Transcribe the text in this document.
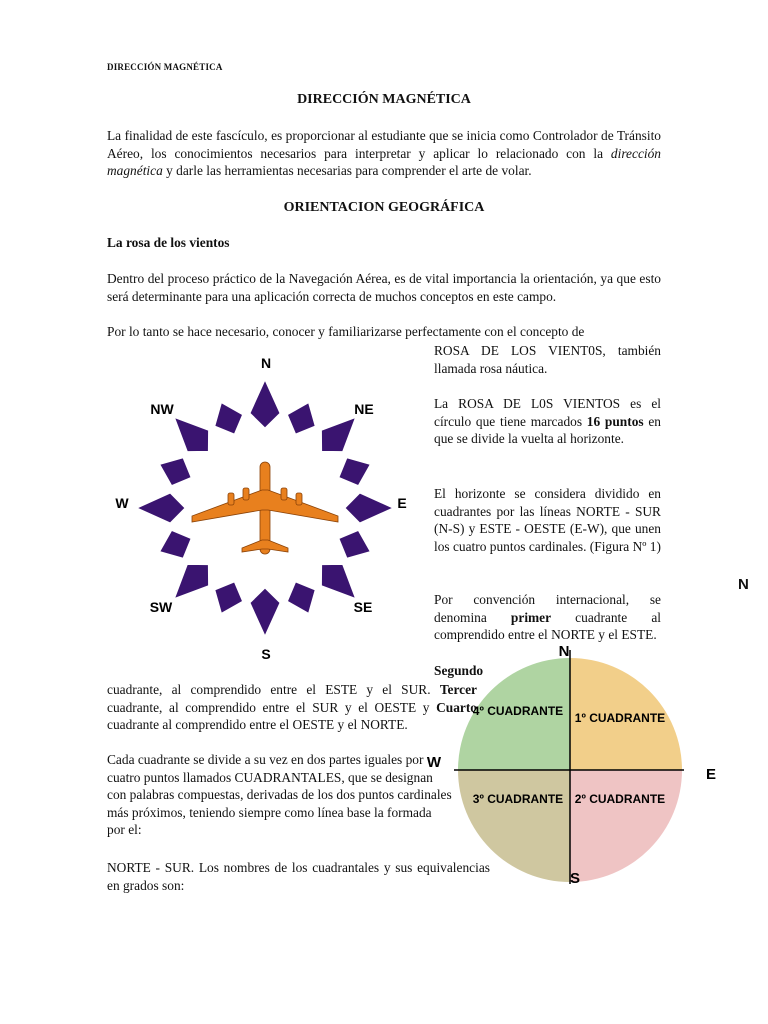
DIRECCIÓN MAGNÉTICA
DIRECCIÓN MAGNÉTICA
La finalidad de este fascículo, es proporcionar al estudiante que se inicia como Controlador de Tránsito Aéreo, los conocimientos necesarios para interpretar y aplicar lo relacionado con la dirección magnética y darle las herramientas necesarias para comprender el arte de volar.
ORIENTACION GEOGRÁFICA
La rosa de los vientos
Dentro del proceso práctico de la Navegación Aérea, es de vital importancia la orientación, ya que esto será determinante para una aplicación correcta de muchos conceptos en este campo.
Por lo tanto se hace necesario, conocer y familiarizarse perfectamente con el concepto de
ROSA DE LOS VIENT0S, también llamada rosa náutica.
La ROSA DE L0S VIENTOS es el círculo que tiene marcados 16 puntos en que se divide la vuelta al horizonte.
El horizonte se considera dividido en cuadrantes por las líneas NORTE - SUR (N-S) y ESTE - OESTE (E-W), que unen los cuatro puntos cardinales. (Figura Nº 1)
Por convención internacional, se denomina primer cuadrante al comprendido entre el NORTE y el ESTE.
Segundo
cuadrante, al comprendido entre el ESTE y el SUR. Tercer cuadrante, al comprendido entre el SUR y el OESTE y Cuarto cuadrante al comprendido entre el OESTE y el NORTE.
Cada cuadrante se divide a su vez en dos partes iguales por cuatro puntos llamados CUADRANTALES, que se designan con palabras compuestas, derivadas de los dos puntos cardinales más próximos, teniendo siempre como línea base la formada por el:
NORTE - SUR. Los nombres de los cuadrantales y sus equivalencias en grados son:
N
N
NE
E
SE
S
SW
W
NW
N
E
S
W
1º CUADRANTE
2º CUADRANTE
3º CUADRANTE
4º CUADRANTE
